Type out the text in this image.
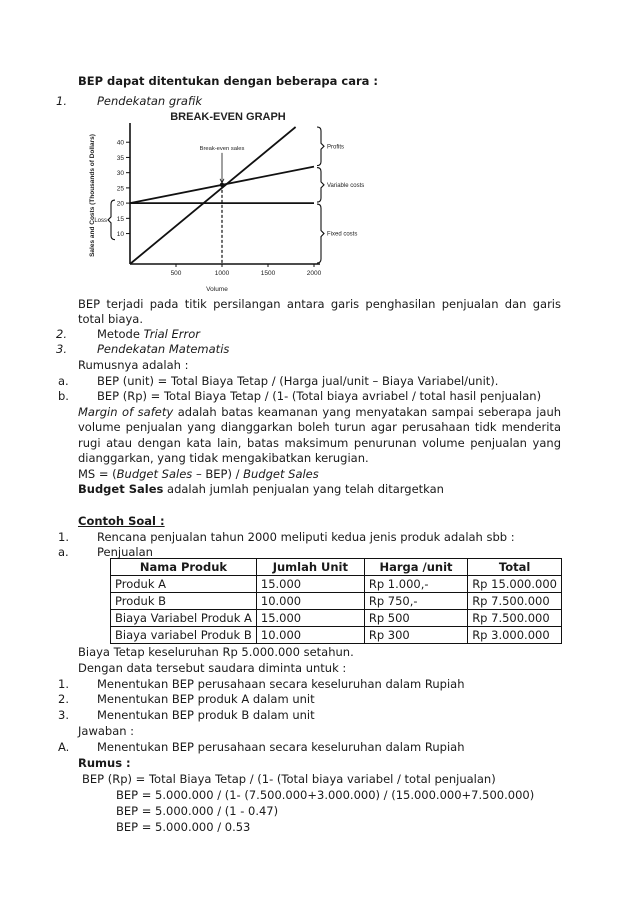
BEP dapat ditentukan dengan beberapa cara :
1.	Pendekatan grafik
BREAK-EVEN GRAPH
Sales and Costs (Thousands of Dollars)	10
15
20
25
30
35
40
500	1000	1500	2000
Break-even sales	Profits
Variable costs
Fixed costs
Loss
Volume
BEP terjadi pada titik persilangan antara garis penghasilan penjualan dan garis
total biaya.
2.	Metode Trial Error
3.	Pendekatan Matematis
Rumusnya adalah :
a. BEP (unit) = Total Biaya Tetap / (Harga jual/unit – Biaya Variabel/unit).
b. BEP (Rp) = Total Biaya Tetap / (1- (Total biaya avriabel / total hasil penjualan)
Margin of safety adalah batas keamanan yang menyatakan sampai seberapa jauh
volume penjualan yang dianggarkan boleh turun agar perusahaan tidk menderita
rugi atau dengan kata lain, batas maksimum penurunan volume penjualan yang
dianggarkan, yang tidak mengakibatkan kerugian.
MS = (Budget Sales – BEP) / Budget Sales
Budget Sales adalah jumlah penjualan yang telah ditargetkan
Contoh Soal :
1. Rencana penjualan tahun 2000 meliputi kedua jenis produk adalah sbb :
a. Penjualan
Nama Produk	Jumlah Unit	Harga /unit	Total
Produk A	15.000	Rp 1.000,-	Rp 15.000.000
Produk B	10.000	Rp 750,-	Rp 7.500.000
Biaya Variabel Produk A	15.000	Rp 500	Rp 7.500.000
Biaya variabel Produk B	10.000	Rp 300	Rp 3.000.000
Biaya Tetap keseluruhan Rp 5.000.000 setahun.
Dengan data tersebut saudara diminta untuk :
1. Menentukan BEP perusahaan secara keseluruhan dalam Rupiah
2. Menentukan BEP produk A dalam unit
3. Menentukan BEP produk B dalam unit
Jawaban :
A. Menentukan BEP perusahaan secara keseluruhan dalam Rupiah
Rumus :
BEP (Rp) = Total Biaya Tetap / (1- (Total biaya variabel / total penjualan)
BEP = 5.000.000 / (1- (7.500.000+3.000.000) / (15.000.000+7.500.000)
BEP = 5.000.000 / (1 - 0.47)
BEP = 5.000.000 / 0.53
